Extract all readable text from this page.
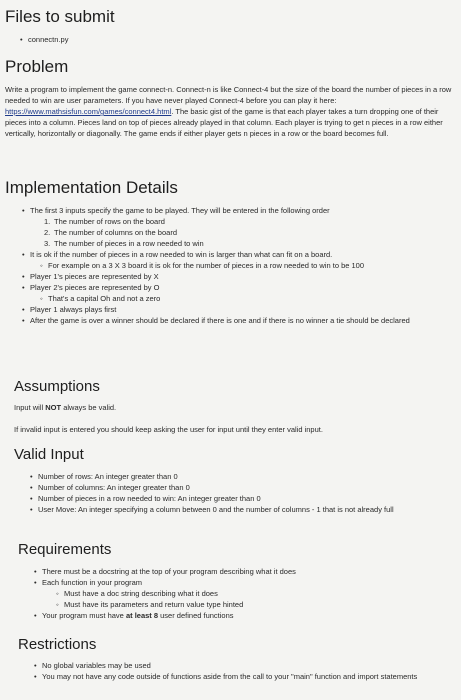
Files to submit
• connectn.py
Problem

Write a program to implement the game connect-n. Connect-n is like Connect-4 but the size of the board the number of pieces in a row needed to win are user parameters. If you have never played Connect-4 before you can play it here: https://www.mathsisfun.com/games/connect4.html. The basic gist of the game is that each player takes a turn dropping one of their pieces into a column. Pieces land on top of pieces already played in that column. Each player is trying to get n pieces in a row either vertically, horizontally or diagonally. The game ends if either player gets n pieces in a row or the board becomes full.

Implementation Details
• The first 3 inputs specify the game to be played. They will be entered in the following order
1. The number of rows on the board
2. The number of columns on the board
3. The number of pieces in a row needed to win
• It is ok if the number of pieces in a row needed to win is larger than what can fit on a board.
◦ For example on a 3 X 3 board it is ok for the number of pieces in a row needed to win to be 100
• Player 1's pieces are represented by X
• Player 2's pieces are represented by O
◦ That's a capital Oh and not a zero
• Player 1 always plays first
• After the game is over a winner should be declared if there is one and if there is no winner a tie should be declared
Assumptions

Input will NOT always be valid.

If invalid input is entered you should keep asking the user for input until they enter valid input.

Valid Input
• Number of rows: An integer greater than 0
• Number of columns: An integer greater than 0
• Number of pieces in a row needed to win: An integer greater than 0
• User Move: An integer specifying a column between 0 and the number of columns - 1 that is not already full
Requirements
• There must be a docstring at the top of your program describing what it does
• Each function in your program
◦ Must have a doc string describing what it does
◦ Must have its parameters and return value type hinted
• Your program must have at least 8 user defined functions
Restrictions
• No global variables may be used
• You may not have any code outside of functions aside from the call to your "main" function and import statements
